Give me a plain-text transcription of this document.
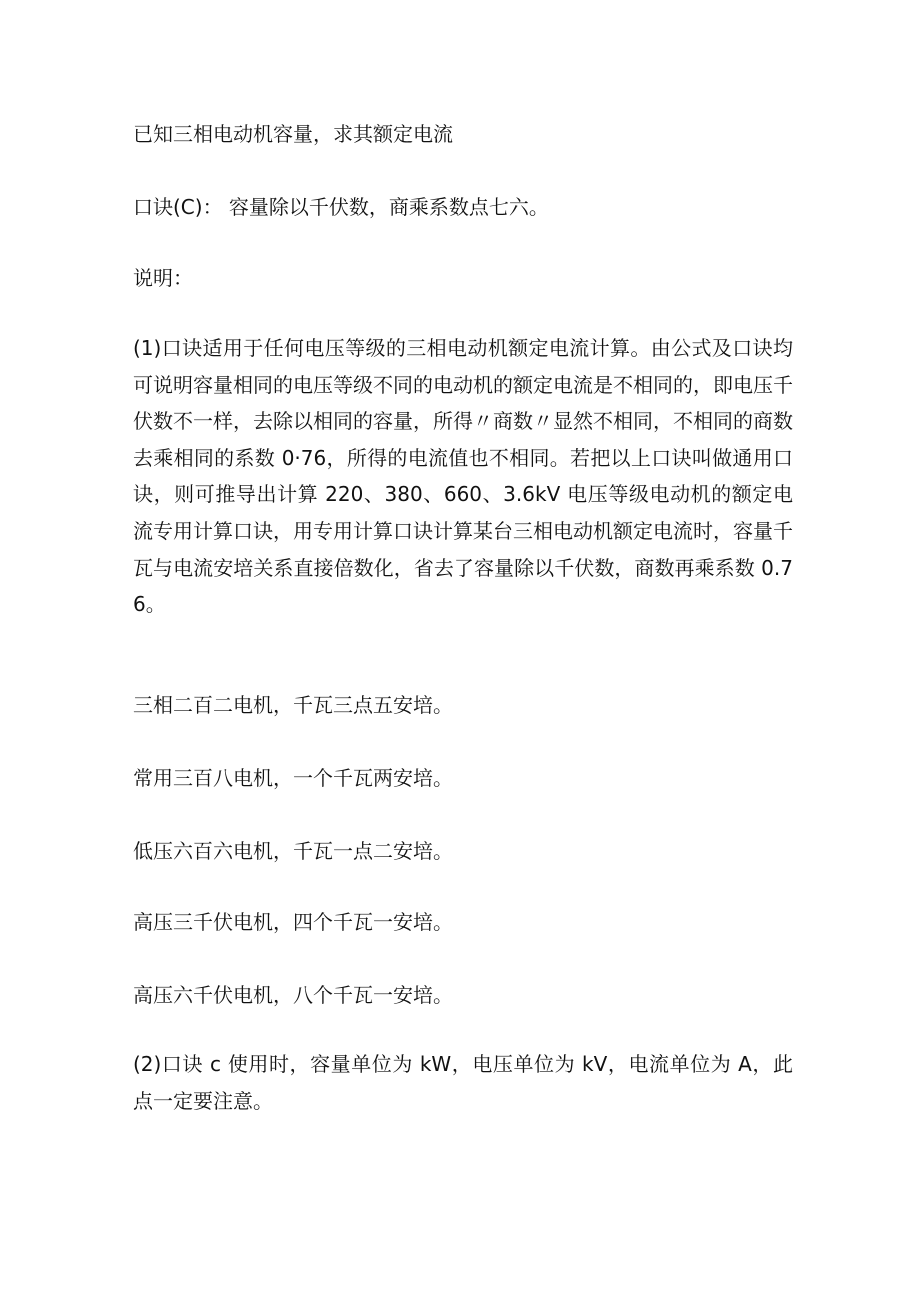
已知三相电动机容量，求其额定电流

口诀(C)： 容量除以千伏数，商乘系数点七六。

说明：

(1)口诀适用于任何电压等级的三相电动机额定电流计算。由公式及口诀均可说明容量相同的电压等级不同的电动机的额定电流是不相同的，即电压千伏数不一样，去除以相同的容量，所得〃商数〃显然不相同，不相同的商数去乘相同的系数 0·76，所得的电流值也不相同。若把以上口诀叫做通用口诀，则可推导出计算 220、380、660、3.6kV 电压等级电动机的额定电流专用计算口诀，用专用计算口诀计算某台三相电动机额定电流时，容量千瓦与电流安培关系直接倍数化，省去了容量除以千伏数，商数再乘系数 0.76。

三相二百二电机，千瓦三点五安培。

常用三百八电机，一个千瓦两安培。

低压六百六电机，千瓦一点二安培。

高压三千伏电机，四个千瓦一安培。

高压六千伏电机，八个千瓦一安培。

(2)口诀 c 使用时，容量单位为 kW，电压单位为 kV，电流单位为 A，此点一定要注意。
